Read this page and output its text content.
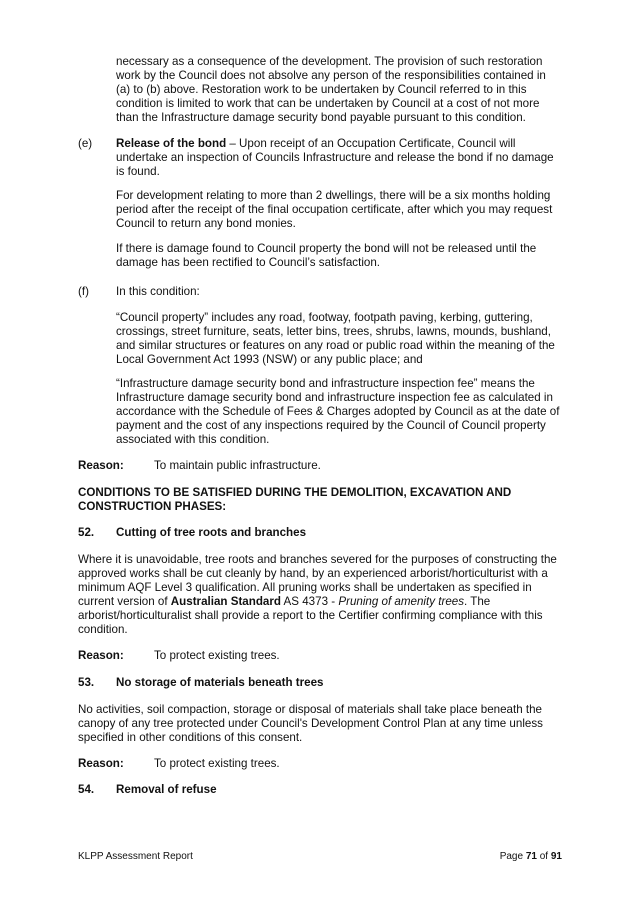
necessary as a consequence of the development. The provision of such restoration work by the Council does not absolve any person of the responsibilities contained in (a) to (b) above. Restoration work to be undertaken by Council referred to in this condition is limited to work that can be undertaken by Council at a cost of not more than the Infrastructure damage security bond payable pursuant to this condition.

(e) Release of the bond – Upon receipt of an Occupation Certificate, Council will undertake an inspection of Councils Infrastructure and release the bond if no damage is found.

For development relating to more than 2 dwellings, there will be a six months holding period after the receipt of the final occupation certificate, after which you may request Council to return any bond monies.

If there is damage found to Council property the bond will not be released until the damage has been rectified to Council’s satisfaction.

(f) In this condition:

“Council property” includes any road, footway, footpath paving, kerbing, guttering, crossings, street furniture, seats, letter bins, trees, shrubs, lawns, mounds, bushland, and similar structures or features on any road or public road within the meaning of the Local Government Act 1993 (NSW) or any public place; and

“Infrastructure damage security bond and infrastructure inspection fee” means the Infrastructure damage security bond and infrastructure inspection fee as calculated in accordance with the Schedule of Fees & Charges adopted by Council as at the date of payment and the cost of any inspections required by the Council of Council property associated with this condition.

Reason:	To maintain public infrastructure.

CONDITIONS TO BE SATISFIED DURING THE DEMOLITION, EXCAVATION AND CONSTRUCTION PHASES:

52. Cutting of tree roots and branches

Where it is unavoidable, tree roots and branches severed for the purposes of constructing the approved works shall be cut cleanly by hand, by an experienced arborist/horticulturist with a minimum AQF Level 3 qualification. All pruning works shall be undertaken as specified in current version of Australian Standard AS 4373 - Pruning of amenity trees. The arborist/horticulturalist shall provide a report to the Certifier confirming compliance with this condition.

Reason:	To protect existing trees.

53. No storage of materials beneath trees

No activities, soil compaction, storage or disposal of materials shall take place beneath the canopy of any tree protected under Council's Development Control Plan at any time unless specified in other conditions of this consent.

Reason:	To protect existing trees.

54. Removal of refuse

KLPP Assessment Report	Page 71 of 91
